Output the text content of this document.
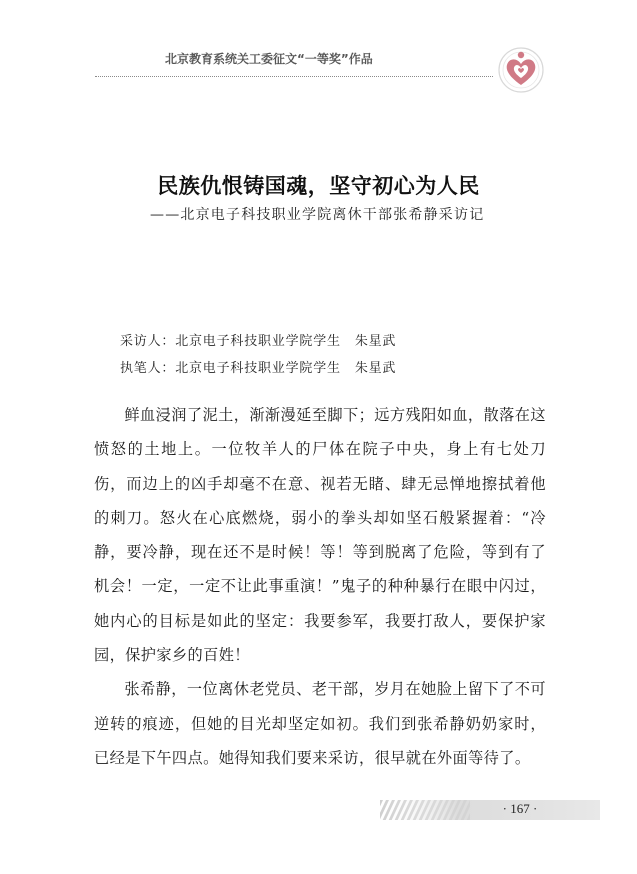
北京教育系统关工委征文“一等奖”作品
民族仇恨铸国魂，坚守初心为人民
——北京电子科技职业学院离休干部张希静采访记
采访人：北京电子科技职业学院学生 朱星武
执笔人：北京电子科技职业学院学生 朱星武

鲜血浸润了泥土，渐渐漫延至脚下；远方残阳如血，散落在这愤怒的土地上。一位牧羊人的尸体在院子中央，身上有七处刀伤，而边上的凶手却毫不在意、视若无睹、肆无忌惮地擦拭着他的刺刀。怒火在心底燃烧，弱小的拳头却如坚石般紧握着：“冷静，要冷静，现在还不是时候！等！等到脱离了危险，等到有了机会！一定，一定不让此事重演！”鬼子的种种暴行在眼中闪过，她内心的目标是如此的坚定：我要参军，我要打敌人，要保护家园，保护家乡的百姓！

张希静，一位离休老党员、老干部，岁月在她脸上留下了不可逆转的痕迹，但她的目光却坚定如初。我们到张希静奶奶家时，已经是下午四点。她得知我们要来采访，很早就在外面等待了。

· 167 ·
